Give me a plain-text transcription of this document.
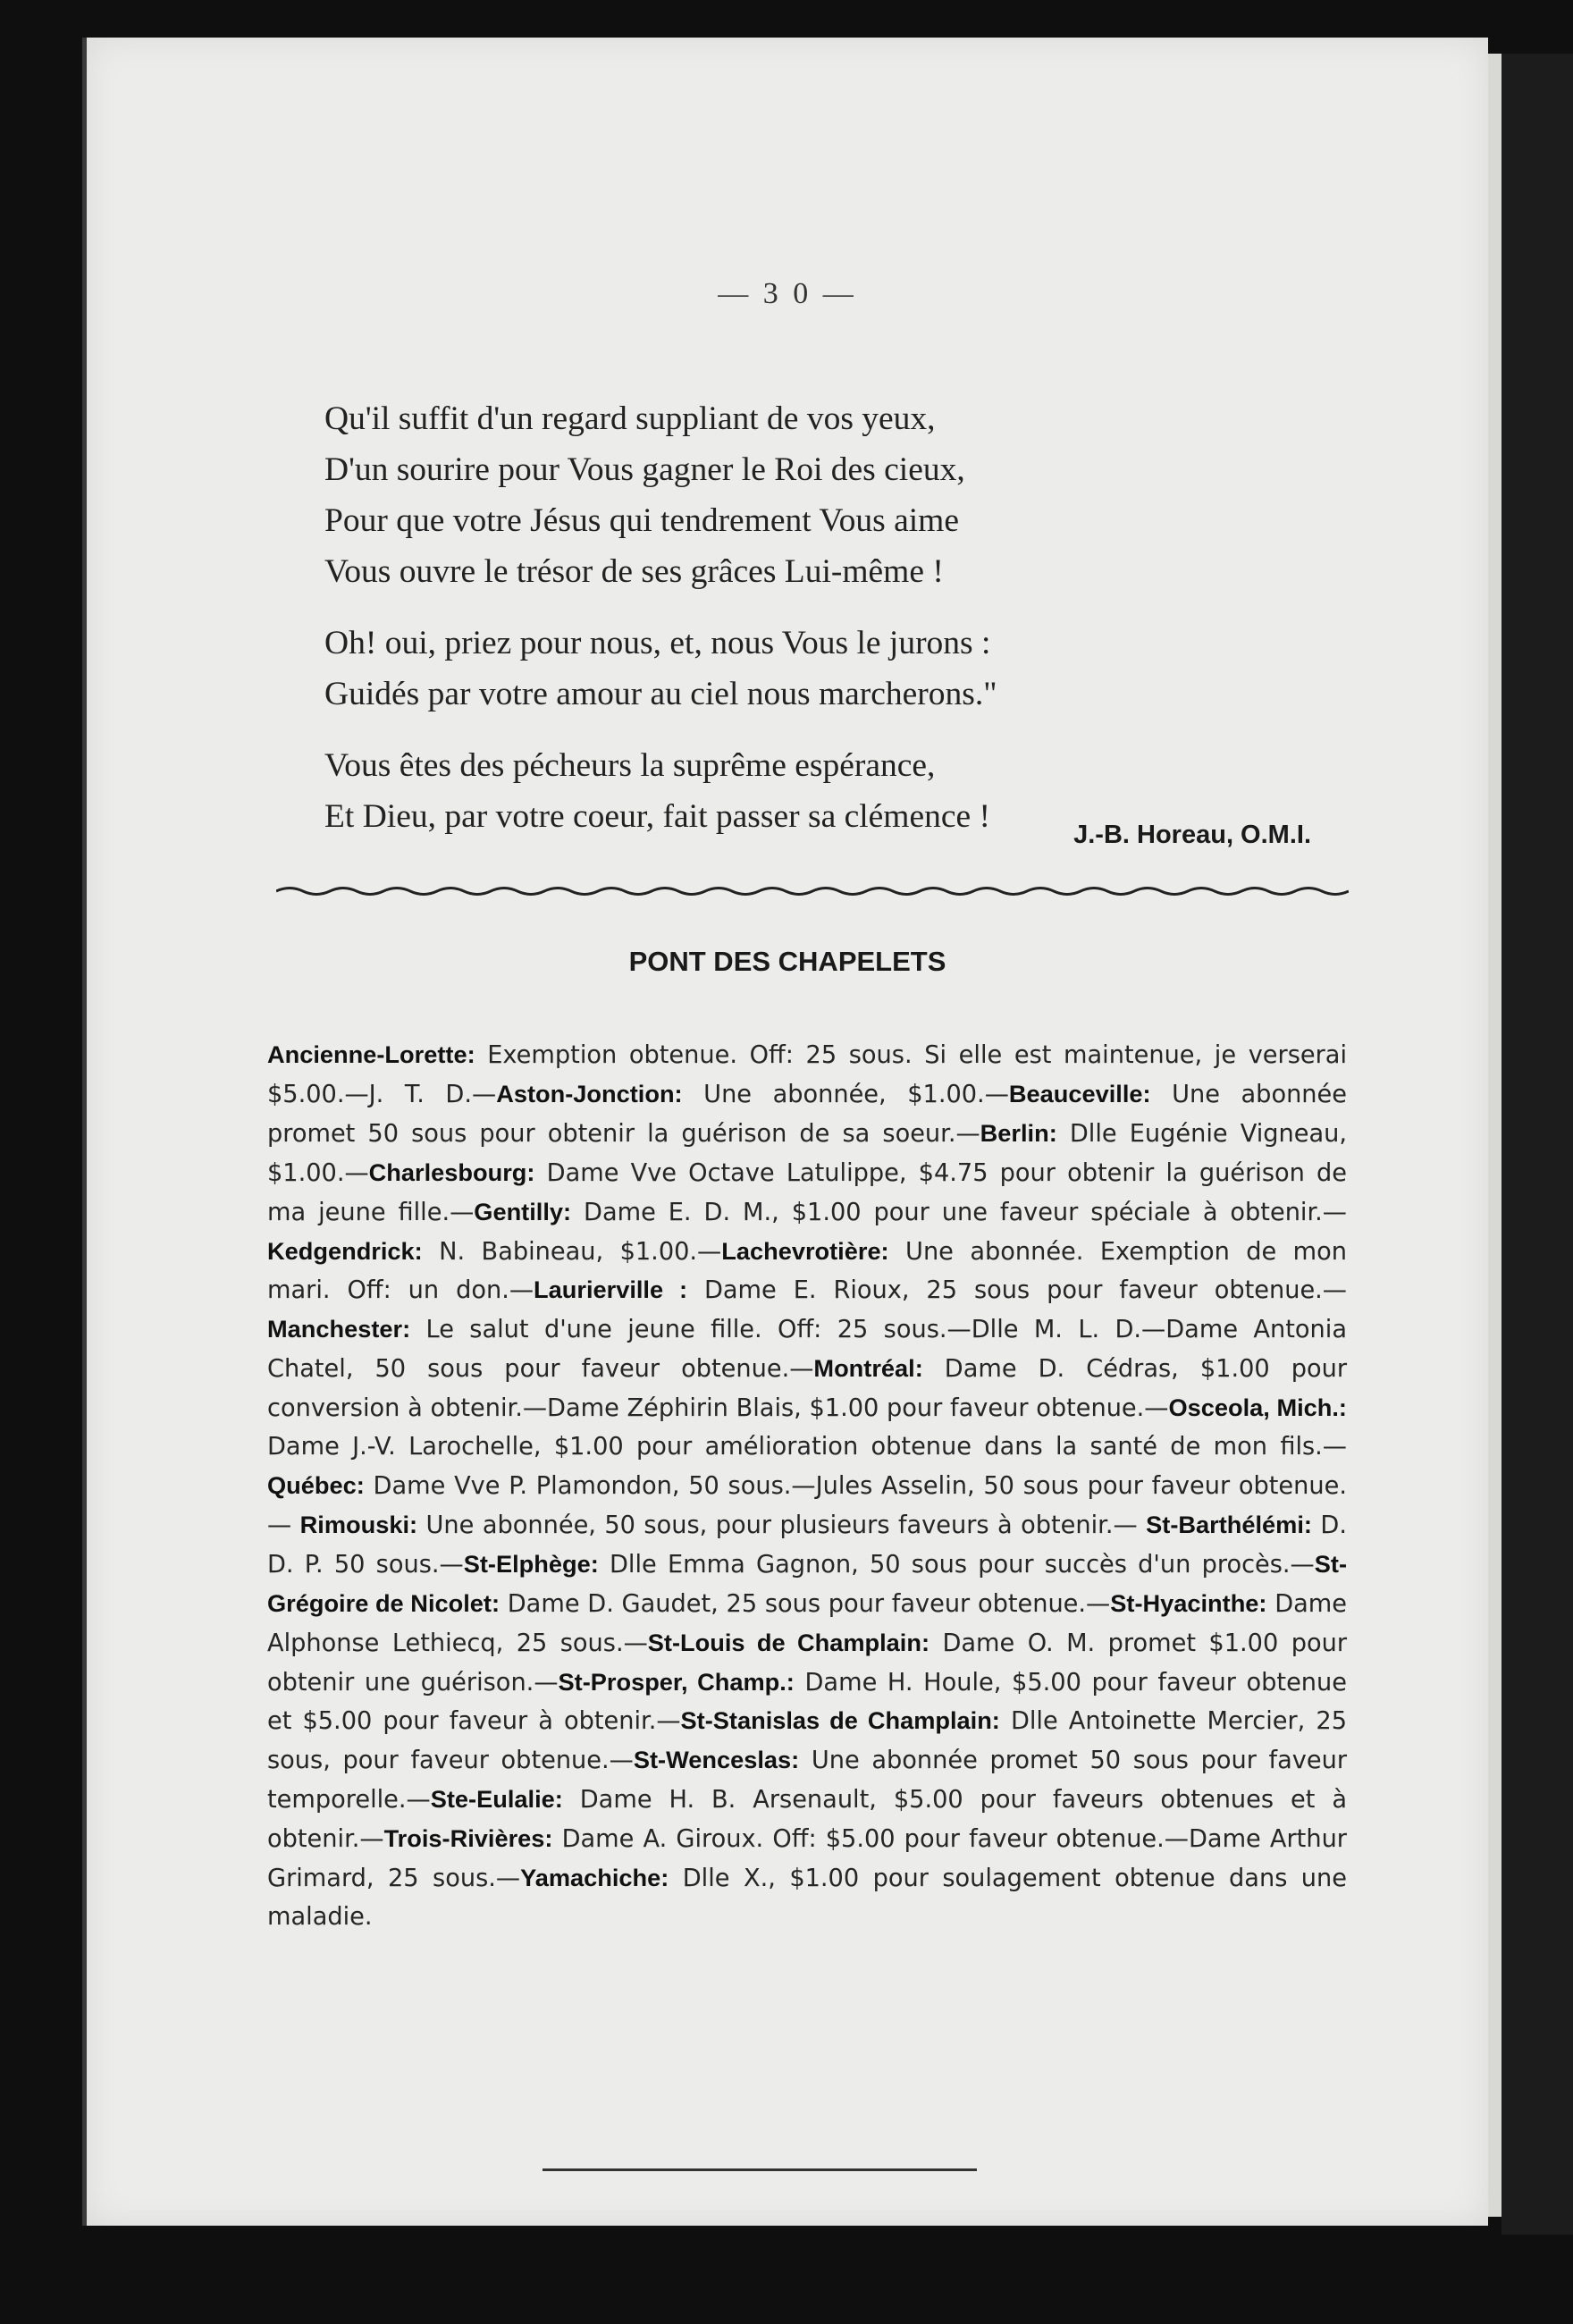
— 3 0 —
Qu'il suffit d'un regard suppliant de vos yeux,
D'un sourire pour Vous gagner le Roi des cieux,
Pour que votre Jésus qui tendrement Vous aime
Vous ouvre le trésor de ses grâces Lui-même !
Oh! oui, priez pour nous, et, nous Vous le jurons :
Guidés par votre amour au ciel nous marcherons."
Vous êtes des pécheurs la suprême espérance,
Et Dieu, par votre coeur, fait passer sa clémence !	J.-B. Horeau, O.M.I.
PONT DES CHAPELETS
Ancienne-Lorette: Exemption obtenue. Off: 25 sous. Si elle est maintenue, je verserai $5.00.—J. T. D.—Aston-Jonction: Une abonnée, $1.00.—Beauceville: Une abonnée promet 50 sous pour obtenir la guérison de sa soeur.—Berlin: Dlle Eugénie Vigneau, $1.00.—Charlesbourg: Dame Vve Octave Latulippe, $4.75 pour obtenir la guérison de ma jeune fille.—Gentilly: Dame E. D. M., $1.00 pour une faveur spéciale à obtenir.—Kedgendrick: N. Babineau, $1.00.—Lachevrotière: Une abonnée. Exemption de mon mari. Off: un don.—Laurierville : Dame E. Rioux, 25 sous pour faveur obtenue.—Manchester: Le salut d'une jeune fille. Off: 25 sous.—Dlle M. L. D.—Dame Antonia Chatel, 50 sous pour faveur obtenue.—Montréal: Dame D. Cédras, $1.00 pour conversion à obtenir.—Dame Zéphirin Blais, $1.00 pour faveur obtenue.—Osceola, Mich.: Dame J.-V. Larochelle, $1.00 pour amélioration obtenue dans la santé de mon fils.—Québec: Dame Vve P. Plamondon, 50 sous.—Jules Asselin, 50 sous pour faveur obtenue. — Rimouski: Une abonnée, 50 sous, pour plusieurs faveurs à obtenir.— St-Barthélémi: D. D. P. 50 sous.—St-Elphège: Dlle Emma Gagnon, 50 sous pour succès d'un procès.—St-Grégoire de Nicolet: Dame D. Gaudet, 25 sous pour faveur obtenue.—St-Hyacinthe: Dame Alphonse Lethiecq, 25 sous.—St-Louis de Champlain: Dame O. M. promet $1.00 pour obtenir une guérison.—St-Prosper, Champ.: Dame H. Houle, $5.00 pour faveur obtenue et $5.00 pour faveur à obtenir.—St-Stanislas de Champlain: Dlle Antoinette Mercier, 25 sous, pour faveur obtenue.—St-Wenceslas: Une abonnée promet 50 sous pour faveur temporelle.—Ste-Eulalie: Dame H. B. Arsenault, $5.00 pour faveurs obtenues et à obtenir.—Trois-Rivières: Dame A. Giroux. Off: $5.00 pour faveur obtenue.—Dame Arthur Grimard, 25 sous.—Yamachiche: Dlle X., $1.00 pour soulagement obtenue dans une maladie.
